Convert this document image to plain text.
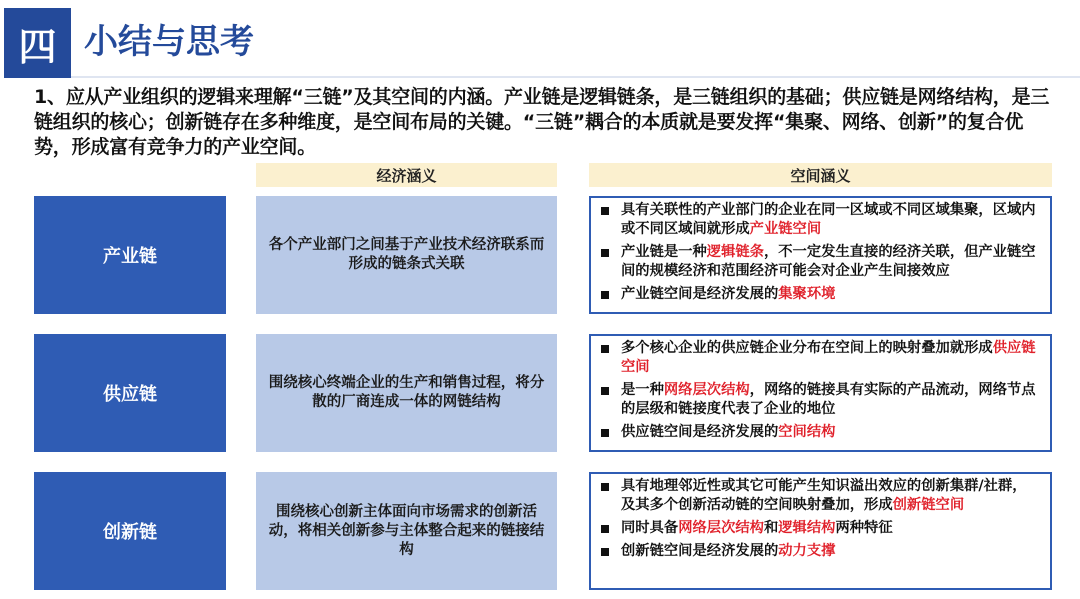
四 小结与思考
1、应从产业组织的逻辑来理解“三链”及其空间的内涵。产业链是逻辑链条，是三链组织的基础；供应链是网络结构，是三链组织的核心；创新链存在多种维度，是空间布局的关键。“三链”耦合的本质就是要发挥“集聚、网络、创新”的复合优势，形成富有竞争力的产业空间。
经济涵义	空间涵义
产业链
各个产业部门之间基于产业技术经济联系而形成的链条式关联
具有关联性的产业部门的企业在同一区域或不同区域集聚，区域内或不同区域间就形成产业链空间
产业链是一种逻辑链条，不一定发生直接的经济关联，但产业链空间的规模经济和范围经济可能会对企业产生间接效应
产业链空间是经济发展的集聚环境
供应链
围绕核心终端企业的生产和销售过程，将分散的厂商连成一体的网链结构
多个核心企业的供应链企业分布在空间上的映射叠加就形成供应链空间
是一种网络层次结构，网络的链接具有实际的产品流动，网络节点的层级和链接度代表了企业的地位
供应链空间是经济发展的空间结构
创新链
围绕核心创新主体面向市场需求的创新活动，将相关创新参与主体整合起来的链接结构
具有地理邻近性或其它可能产生知识溢出效应的创新集群/社群，及其多个创新活动链的空间映射叠加，形成创新链空间
同时具备网络层次结构和逻辑结构两种特征
创新链空间是经济发展的动力支撑
